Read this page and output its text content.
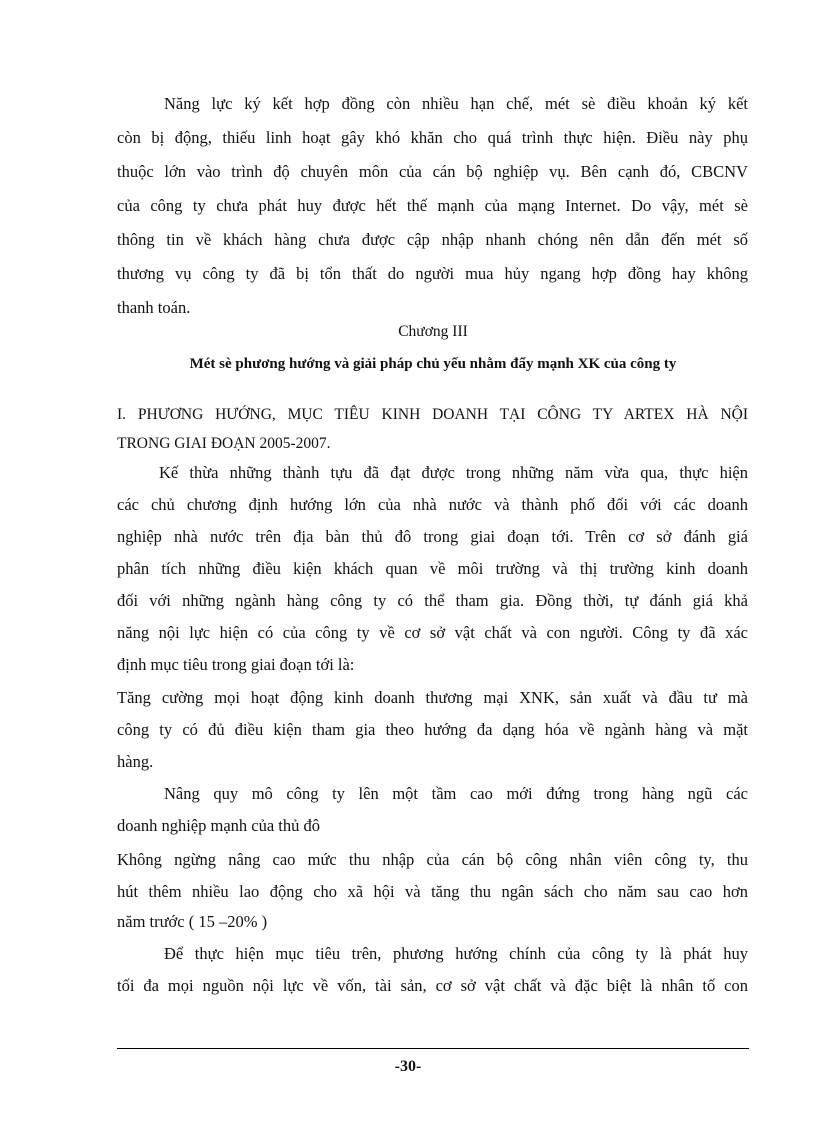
Năng lực ký kết hợp đồng còn nhiều hạn chế, mét sè điều khoản ký kết
còn bị động, thiếu linh hoạt gây khó khăn cho quá trình thực hiện. Điều này phụ
thuộc lớn vào trình độ chuyên môn của cán bộ nghiệp vụ. Bên cạnh đó, CBCNV
của công ty chưa phát huy được hết thế mạnh của mạng Internet. Do vậy, mét sè
thông tin về khách hàng chưa được cập nhập nhanh chóng nên dẫn đến mét số
thương vụ công ty đã bị tổn thất do người mua hủy ngang hợp đồng hay không
thanh toán.
Chương III
Mét sè phương hướng và giải pháp chủ yếu nhằm đẩy mạnh XK của công ty
I. PHƯƠNG HƯỚNG, MỤC TIÊU KINH DOANH TẠI CÔNG TY ARTEX HÀ NỘI
TRONG GIAI ĐOẠN 2005-2007.
Kế thừa những thành tựu đã đạt được trong những năm vừa qua, thực hiện
các chủ chương định hướng lớn của nhà nước và thành phố đối với các doanh
nghiệp nhà nước trên địa bàn thủ đô trong giai đoạn tới. Trên cơ sở đánh giá
phân tích những điều kiện khách quan về môi trường và thị trường kinh doanh
đối với những ngành hàng công ty có thể tham gia. Đồng thời, tự đánh giá khả
năng nội lực hiện có của công ty về cơ sở vật chất và con người. Công ty đã xác
định mục tiêu trong giai đoạn tới là:
Tăng cường mọi hoạt động kinh doanh thương mại XNK, sản xuất và đầu tư mà
công ty có đủ điều kiện tham gia theo hướng đa dạng hóa về ngành hàng và mặt
hàng.
Nâng quy mô công ty lên một tầm cao mới đứng trong hàng ngũ các
doanh nghiệp mạnh của thủ đô
Không ngừng nâng cao mức thu nhập của cán bộ công nhân viên công ty, thu
hút thêm nhiều lao động cho xã hội và tăng thu ngân sách cho năm sau cao hơn
năm trước ( 15 –20% )
Để thực hiện mục tiêu trên, phương hướng chính của công ty là phát huy
tối đa mọi nguồn nội lực về vốn, tài sản, cơ sở vật chất và đặc biệt là nhân tố con
-30-
